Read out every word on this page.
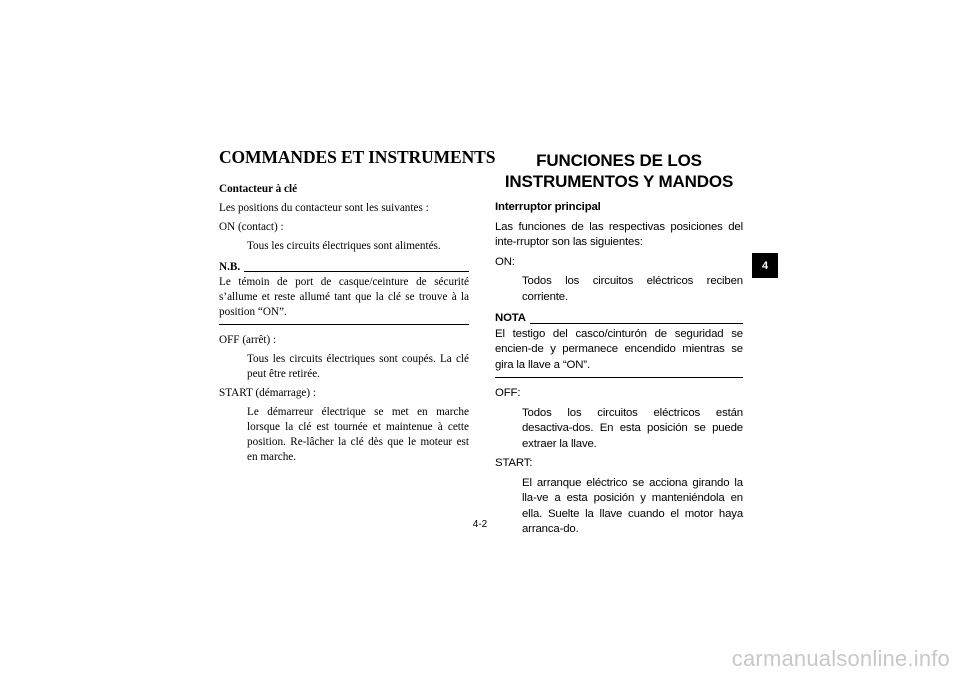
COMMANDES ET INSTRUMENTS

Contacteur à clé

Les positions du contacteur sont les suivantes :

ON (contact) :

Tous les circuits électriques sont alimentés.

N.B.

Le témoin de port de casque/ceinture de sécurité s’allume et reste allumé tant que la clé se trouve à la position “ON”.

OFF (arrêt) :

Tous les circuits électriques sont coupés. La clé peut être retirée.

START (démarrage) :

Le démarreur électrique se met en marche lorsque la clé est tournée et maintenue à cette position. Re-lâcher la clé dès que le moteur est en marche.

FUNCIONES DE LOS INSTRUMENTOS Y MANDOS

Interruptor principal

Las funciones de las respectivas posiciones del inte-rruptor son las siguientes:

ON:

Todos los circuitos eléctricos reciben corriente.

NOTA

El testigo del casco/cinturón de seguridad se encien-de y permanece encendido mientras se gira la llave a “ON”.

OFF:

Todos los circuitos eléctricos están desactiva-dos. En esta posición se puede extraer la llave.

START:

El arranque eléctrico se acciona girando la lla-ve a esta posición y manteniéndola en ella. Suelte la llave cuando el motor haya arranca-do.

4
4-2
carmanualsonline.info
